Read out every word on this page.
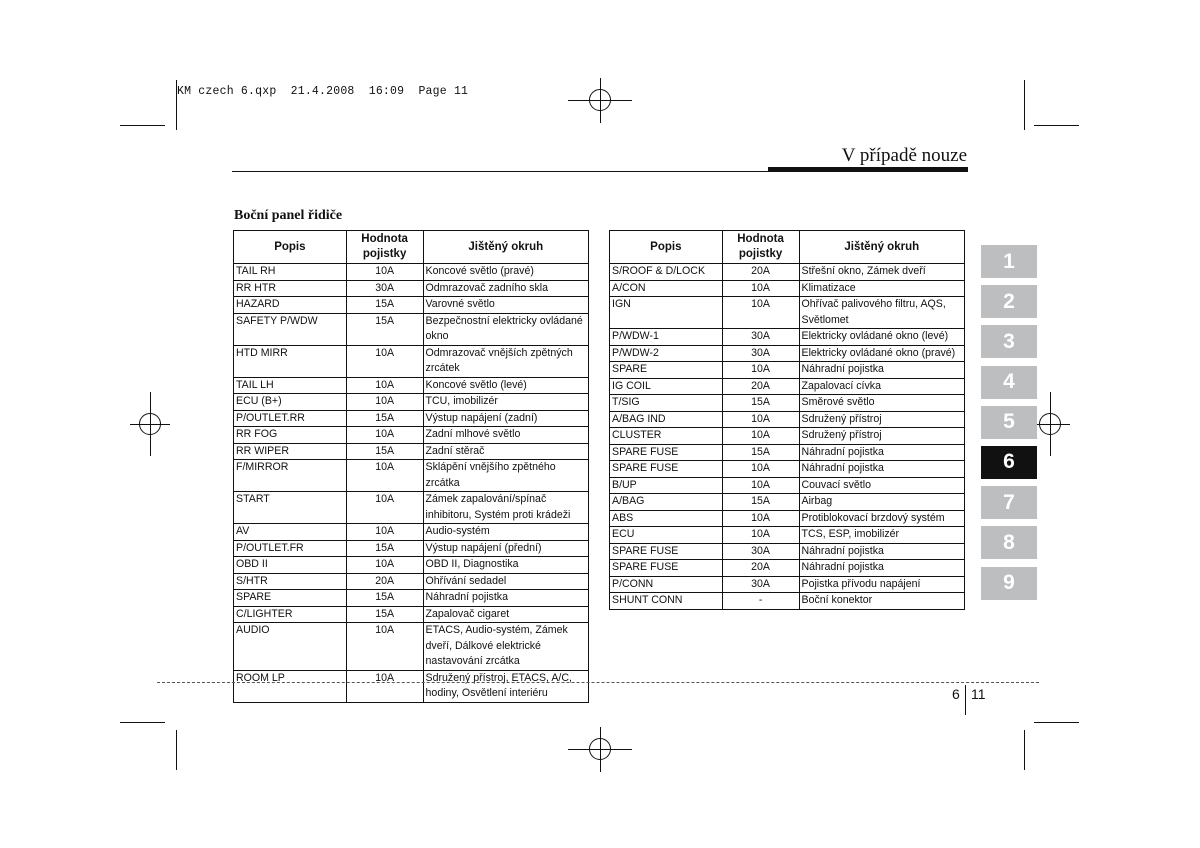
KM czech 6.qxp  21.4.2008  16:09  Page 11
V případě nouze
Boční panel řidiče
Popis	Hodnota pojistky	Jištěný okruh
TAIL RH	10A	Koncové světlo (pravé)
RR HTR	30A	Odmrazovač zadního skla
HAZARD	15A	Varovné světlo
SAFETY P/WDW	15A	Bezpečnostní elektricky ovládané okno
HTD MIRR	10A	Odmrazovač vnějších zpětných zrcátek
TAIL LH	10A	Koncové světlo (levé)
ECU (B+)	10A	TCU, imobilizér
P/OUTLET.RR	15A	Výstup napájení (zadní)
RR FOG	10A	Zadní mlhové světlo
RR WIPER	15A	Zadní stěrač
F/MIRROR	10A	Sklápění vnějšího zpětného zrcátka
START	10A	Zámek zapalování/spínač inhibitoru, Systém proti krádeži
AV	10A	Audio-systém
P/OUTLET.FR	15A	Výstup napájení (přední)
OBD II	10A	OBD II, Diagnostika
S/HTR	20A	Ohřívání sedadel
SPARE	15A	Náhradní pojistka
C/LIGHTER	15A	Zapalovač cigaret
AUDIO	10A	ETACS, Audio-systém, Zámek dveří, Dálkové elektrické nastavování zrcátka
ROOM LP	10A	Sdružený přístroj, ETACS, A/C, hodiny, Osvětlení interiéru
Popis	Hodnota pojistky	Jištěný okruh
S/ROOF & D/LOCK	20A	Střešní okno, Zámek dveří
A/CON	10A	Klimatizace
IGN	10A	Ohřívač palivového filtru, AQS, Světlomet
P/WDW-1	30A	Elektricky ovládané okno (levé)
P/WDW-2	30A	Elektricky ovládané okno (pravé)
SPARE	10A	Náhradní pojistka
IG COIL	20A	Zapalovací cívka
T/SIG	15A	Směrové světlo
A/BAG IND	10A	Sdružený přístroj
CLUSTER	10A	Sdružený přístroj
SPARE FUSE	15A	Náhradní pojistka
SPARE FUSE	10A	Náhradní pojistka
B/UP	10A	Couvací světlo
A/BAG	15A	Airbag
ABS	10A	Protiblokovací brzdový systém
ECU	10A	TCS, ESP, imobilizér
SPARE FUSE	30A	Náhradní pojistka
SPARE FUSE	20A	Náhradní pojistka
P/CONN	30A	Pojistka přívodu napájení
SHUNT CONN	-	Boční konektor
1
2
3
4
5
6
7
8
9
6 11
